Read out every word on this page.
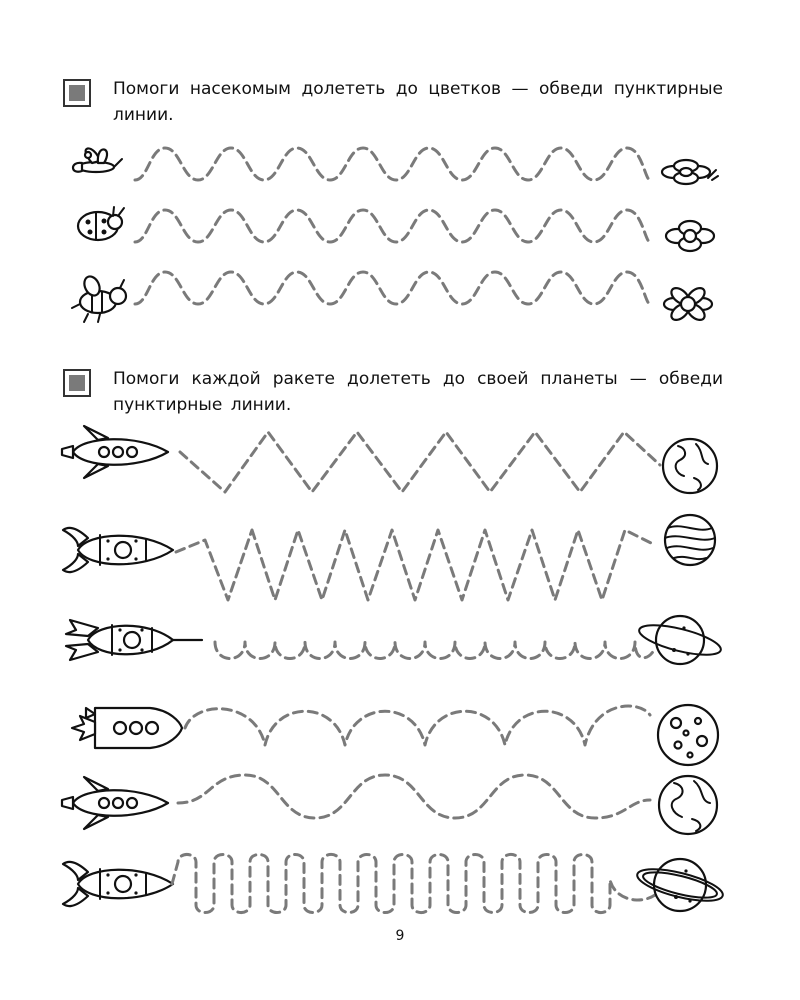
Помоги насекомым долететь до цветков — обведи пунктирные линии.
Помоги каждой ракете долететь до своей планеты — обведи пунктирные линии.
9
